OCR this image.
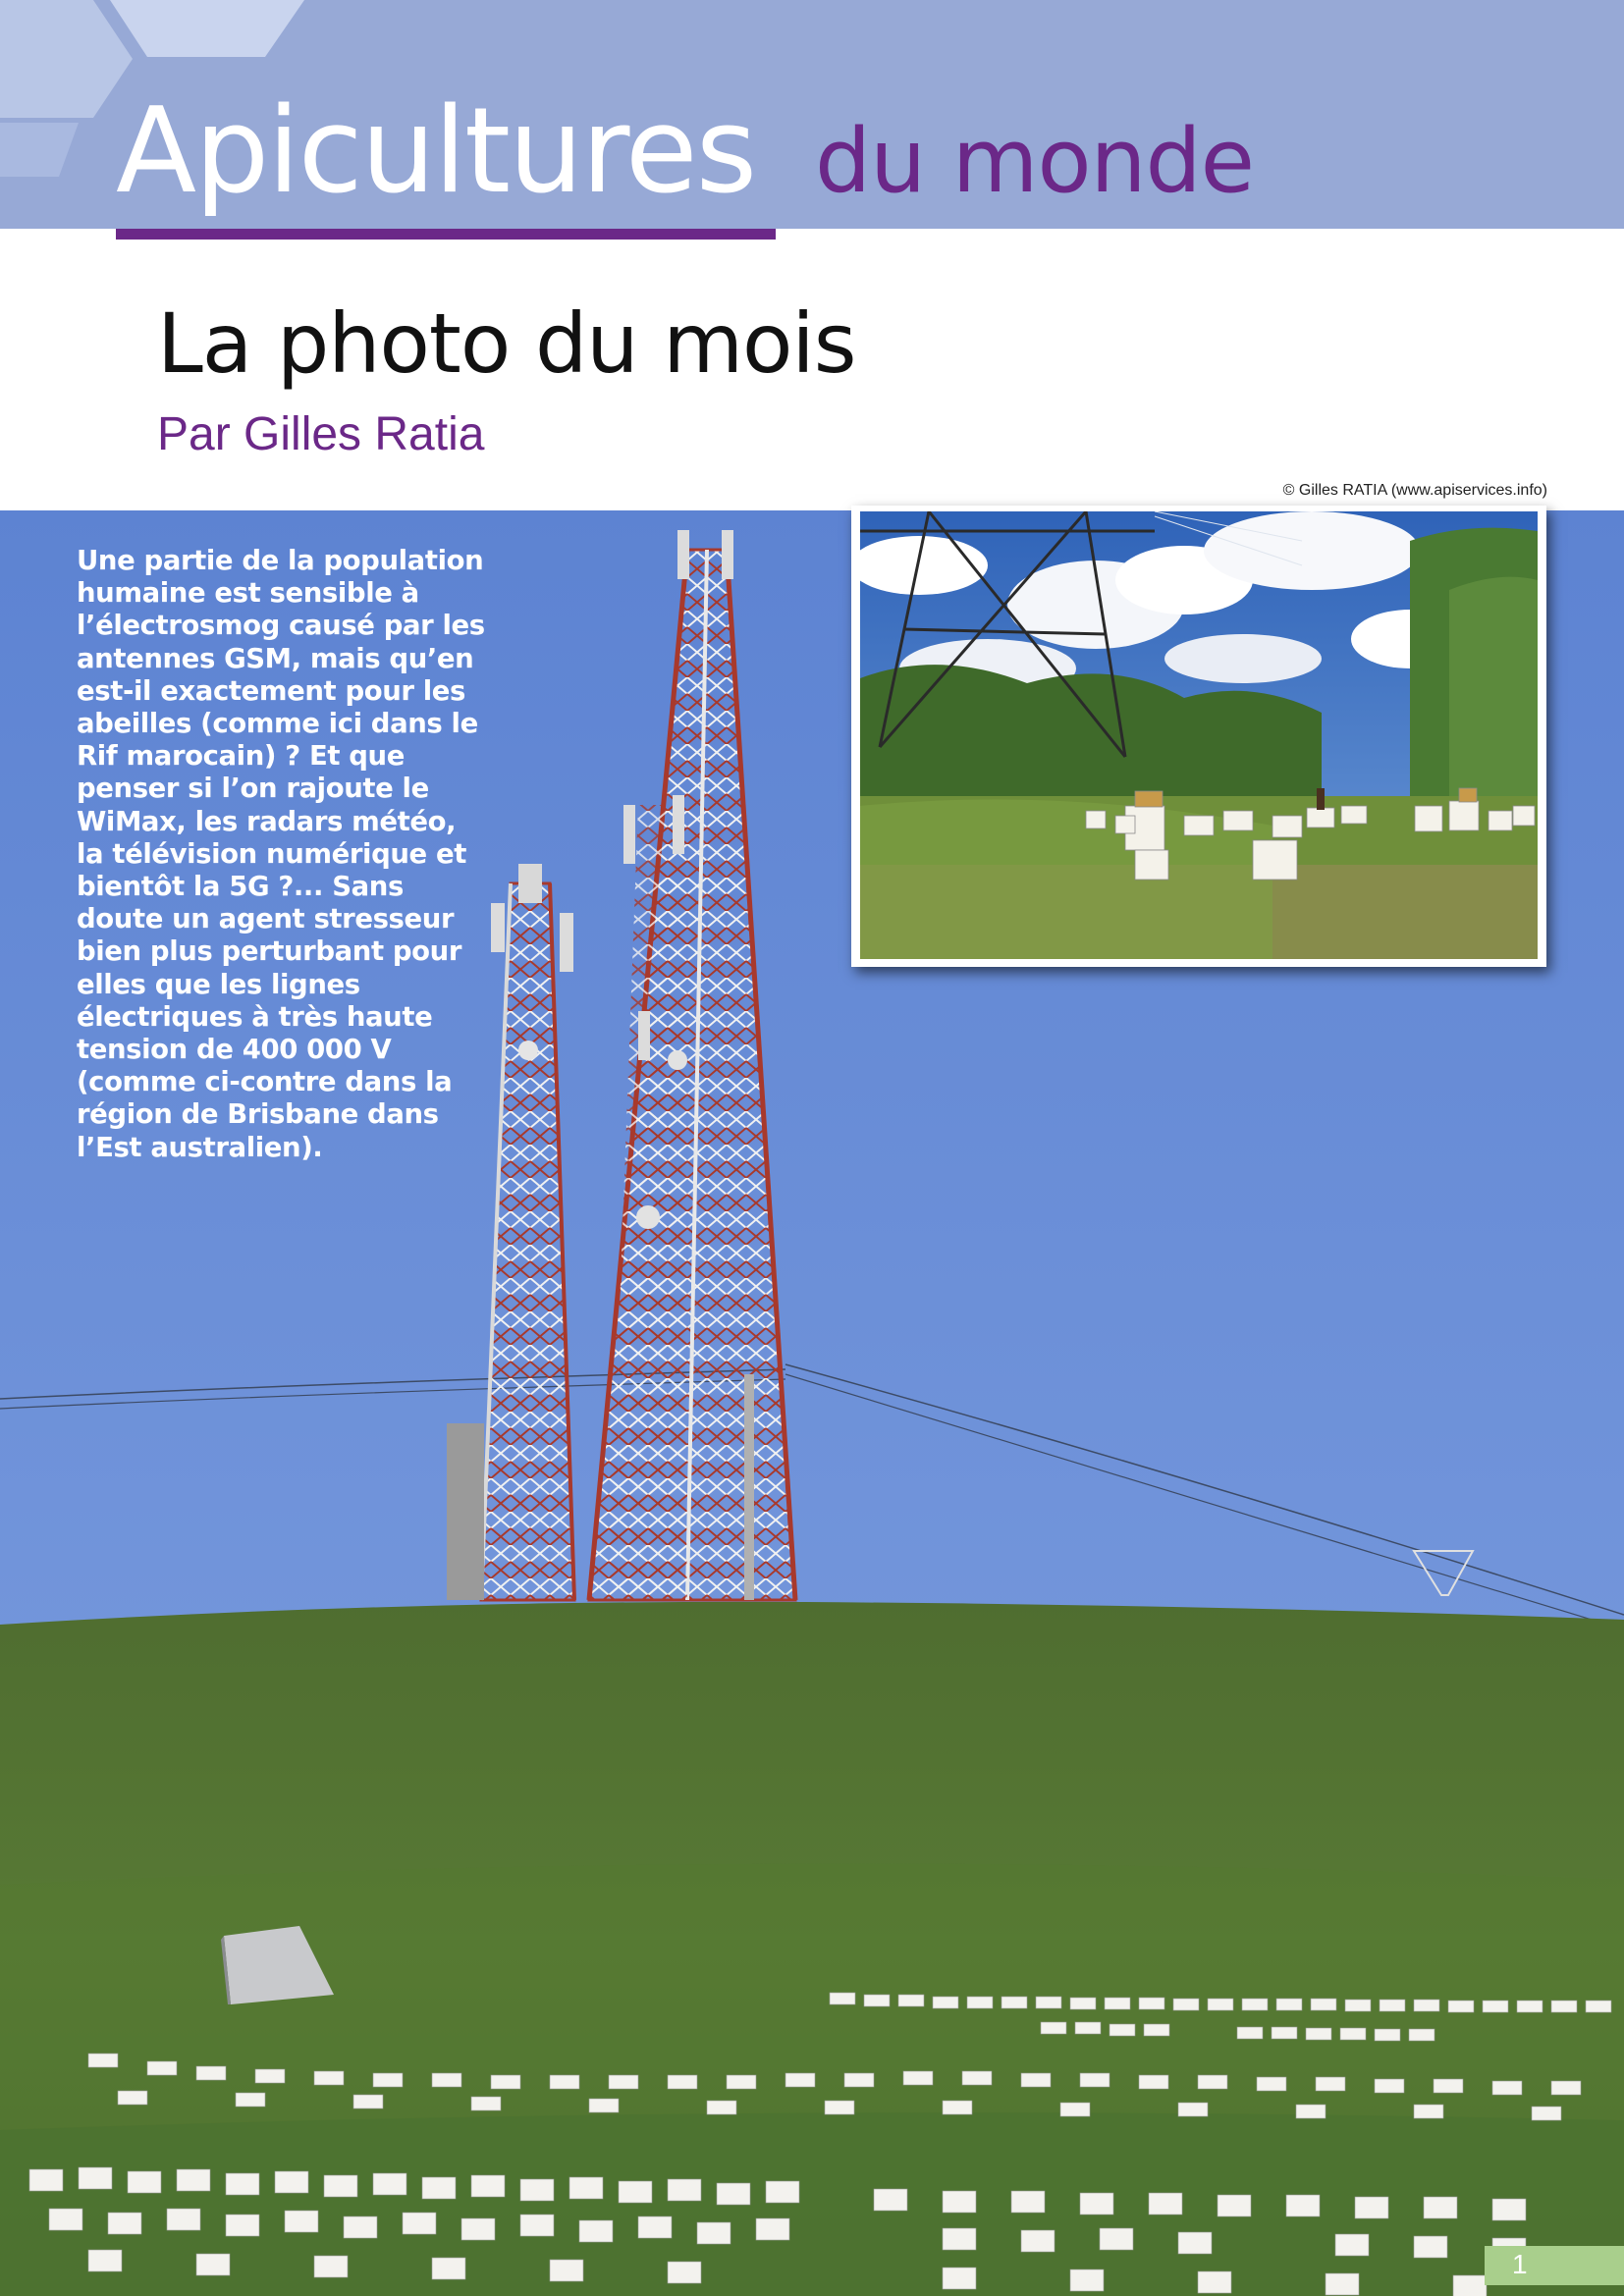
Apicultures du monde
La photo du mois
Par Gilles Ratia
© Gilles RATIA (www.apiservices.info)

Une partie de la population humaine est sensible à l’électrosmog causé par les antennes GSM, mais qu’en est-il exactement pour les abeilles (comme ici dans le Rif marocain) ? Et que penser si l’on rajoute le WiMax, les radars météo, la télévision numérique et bientôt la 5G ?... Sans doute un agent stresseur bien plus perturbant pour elles que les lignes électriques à très haute tension de 400 000 V (comme ci-contre dans la région de Brisbane dans l’Est australien).

1
